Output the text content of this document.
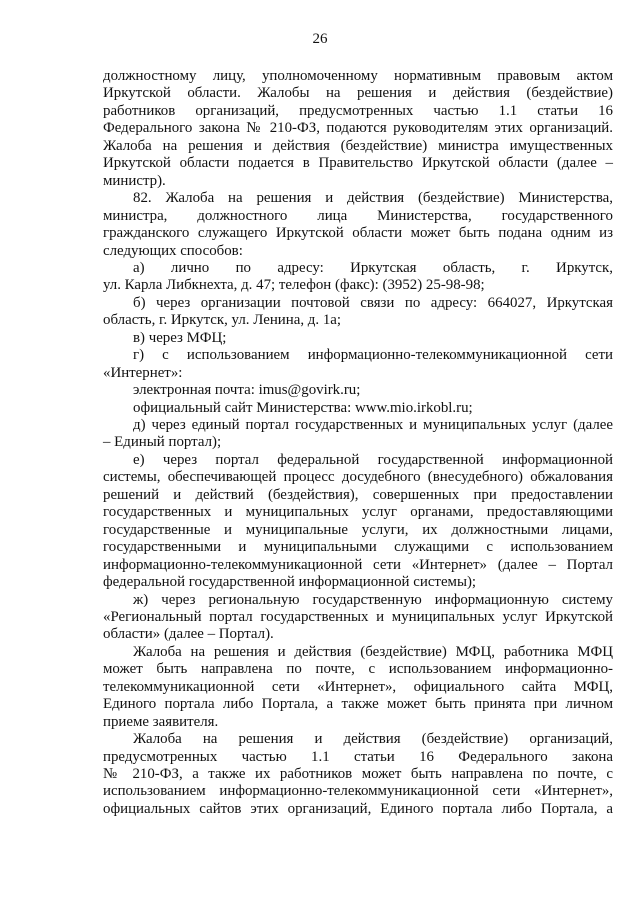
26
должностному лицу, уполномоченному нормативным правовым актом
Иркутской области. Жалобы на решения и действия (бездействие)
работников организаций, предусмотренных частью 1.1 статьи 16
Федерального закона № 210-ФЗ, подаются руководителям этих организаций.
Жалоба на решения и действия (бездействие) министра имущественных
Иркутской области подается в Правительство Иркутской области (далее –
министр).
82. Жалоба на решения и действия (бездействие) Министерства,
министра, должностного лица Министерства, государственного
гражданского служащего Иркутской области может быть подана одним из
следующих способов:
а) лично по адресу: Иркутская область, г. Иркутск,
ул. Карла Либкнехта, д. 47; телефон (факс): (3952) 25-98-98;
б) через организации почтовой связи по адресу: 664027, Иркутская
область, г. Иркутск, ул. Ленина, д. 1а;
в) через МФЦ;
г) с использованием информационно-телекоммуникационной сети
«Интернет»:
электронная почта: imus@govirk.ru;
официальный сайт Министерства: www.mio.irkobl.ru;
д) через единый портал государственных и муниципальных услуг (далее
– Единый портал);
е) через портал федеральной государственной информационной
системы, обеспечивающей процесс досудебного (внесудебного) обжалования
решений и действий (бездействия), совершенных при предоставлении
государственных и муниципальных услуг органами, предоставляющими
государственные и муниципальные услуги, их должностными лицами,
государственными и муниципальными служащими с использованием
информационно-телекоммуникационной сети «Интернет» (далее – Портал
федеральной государственной информационной системы);
ж) через региональную государственную информационную систему
«Региональный портал государственных и муниципальных услуг Иркутской
области» (далее – Портал).
Жалоба на решения и действия (бездействие) МФЦ, работника МФЦ
может быть направлена по почте, с использованием информационно-
телекоммуникационной сети «Интернет», официального сайта МФЦ,
Единого портала либо Портала, а также может быть принята при личном
приеме заявителя.
Жалоба на решения и действия (бездействие) организаций,
предусмотренных частью 1.1 статьи 16 Федерального закона
№ 210-ФЗ, а также их работников может быть направлена по почте, с
использованием информационно-телекоммуникационной сети «Интернет»,
официальных сайтов этих организаций, Единого портала либо Портала, а
